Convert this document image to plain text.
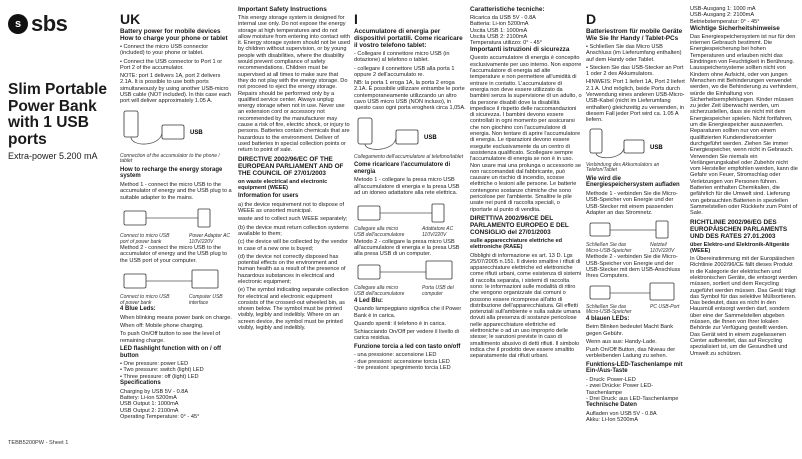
s sbs
Slim Portable
Power Bank
with 1 USB ports
Extra-power 5.200 mA
TEBB5200PW - Sheet 1
UK

Battery power for mobile devices How to charge your phone or tablet

• Connect the micro USB connector (included) to your phone or tablet.

• Connect the USB connector to Port 1 or Port 2 of the accumulator.

NOTE: port 1 delivers 1A, port 2 delivers 2.1A. It is possible to use both ports simultaneously by using another USB-micro USB cable (NOT included). In this case each port will deliver approximately 1.05 A.

USB

Connection of the accumulator to the phone / tablet

How to recharge the energy storage system

Method 1 - connect the micro USB to the accumulator of energy and the USB plug to a suitable adapter to the mains.

Connect to micro USB port of power bank
Power Adapter AC 110V/220V

Method 2 - connect the micro USB to the accumulator of energy and the USB plug to the USB port of your computer.

Connect to micro USB of power bank
Computer USB interface

4 Blue Leds:

When blinking means power bank on charge.

When off: Mobile phone charging.

To push On/Off button to see the level of remaining charge.

LED flashlight function with on / off button

• One pressure: power LED
• Two pressure: switch (light) LED
• Three pressure: off (light) LED

Specifications

Charging by USB 5V - 0.8A
Battery: Li-ion 5200mA
USB Output 1: 1000mA
USB Output 2: 2100mA
Operating Temperature: 0° - 45°

Important Safety Instructions

This energy storage system is designed for internal use only. Do not expose the energy storage at high temperatures and do not allow moisture from entering into contact with it. Energy storage system should not be used by children without supervision, or by young people with disabilities, where the disability would prevent compliance of safety recommendations. Children must be supervised at all times to make sure that they do not play with the energy storage. Do not proceed to eject the energy storage. Repairs should be performed only by a qualified service center. Always unplug energy storage when not in use. Never use an extension cord or accessory not recommended by the manufacturer may cause a risk of fire, electric shock, or injury to persons. Batteries contain chemicals that are hazardous to the environment. Deliver of used batteries in special collection points or return to point of sale.

DIRECTIVE 2002/96/EC OF THE EUROPEAN PARLIAMENT AND OF THE COUNCIL OF 27/01/2003

on waste electrical and electronic equipment (WEEE)

Information for users

a) the device requirement not to dispose of WEEE as unsorted municipal.

waste and to collect such WEEE separately;

(b) the device must return collection systems available to them;

(c) the device will be collected by the vendor in case of a new one is buyed;

(d) the device not correctly disposed has potential effects on the environment and human health as a result of the presence of hazardous substances in electrical and electronic equipment;

(e) The symbol indicating separate collection for electrical and electronic equipment consists of the crossed-out wheeled bin, as shown below. The symbol must be printed visibly, legibly and indelibly. Where on an screen device, the symbol must be printed visibly, legibly and indelibly.

I

Accumulatore di energia per dispositivi portatili. Come ricaricare il vostro telefono tablet:

- Collegare il connettore micro USB (in dotazione) al telefono o tablet.

- collegare il connettore USB alla porta 1 oppure 2 dell'accumulato re.

NB: la porta 1 eroga 1A, la porta 2 eroga 2.1A. È possibile utilizzare entrambe le porte contemporaneamente utilizzando un altro cavo USB micro USB (NON incluso), in questo caso ogni porta erogherà circa 1,05A.

USB

Collegamento dell'accumulatore al telefono/tablet

Come ricaricare l'accumulatore di energia

Metodo 1 - collegare la presa micro USB all'accumulatore di energia e la presa USB ad un idoneo adattatore alla rete elettrica.

Collegare alla micro USB dell'accumulatore
Adattatore AC 110V/220V

Metodo 2 - collegare la presa micro USB all'accumulatore di energia e la presa USB alla presa USB di un computer.

Collegare alla micro USB dell'accumulatore
Porta USB del computer

4 Led Blu:

Quando lampeggiano significa che il Power Bank è in carica.

Quando spenti: il telefono è in carica.

Schiacciando On/Off per vedere il livello di carica residua.

Funzione torcia a led con tasto on/off

- una pressione: accensione LED
- due pressioni: accensione torcia LED
- tre pressioni: spegnimento torcia LED

Caratteristiche tecniche:

Ricarica da USB 5V - 0.8A
Batteria: Li-ion 5200mA
Uscita USB 1: 1000mA
Uscita USB 2: 2100mA
Temperatura utilizzo: 0° - 45°

Importanti istruzioni di sicurezza

Questo accumulatore di energia è concepito esclusivamente per uso interno. Non esporre l'accumulatore di energia ad alte temperature e non permettere all'umidità di entrare in contatto. L'accumulatore di energia non deve essere utilizzato da bambini senza la supervisione di un adulto, o da persone disabili dove la disabilità impedisce il rispetto delle raccomandazioni di sicurezza. I bambini devono essere controllati in ogni momento per assicurarsi che non giochino con l'accumulatore di energia. Non tentare di aprire l'accumulatore di energia. Le riparazioni devono essere eseguite esclusivamente da un centro di assistenza qualificato. Scollegare sempre l'accumulatore di energia se non è in uso. Non usare mai una prolunga o accessorio se non raccomandati dal fabbricante, può causare un rischio di incendio, scosse elettriche o lesioni alle persone. Le batterie contengono sostanze chimiche che sono pericolose per l'ambiente. Smaltire le pile usate nei punti di raccolta speciali, o riportarle al punto di vendita.

DIRETTIVA 2002/96/CE DEL PARLAMENTO EUROPEO E DEL CONSIGLIO del 27/01/2003

sulle apparecchiature elettriche ed elettroniche (RAEE)

Obblighi di informazione ex art. 13 D. Lgs 25/07/2005 n.151. Il divieto smaltire i rifiuti di apparecchiature elettriche ed elettroniche come rifiuti urbani, come esistenza di sistemi di raccolta separata, i sistemi di raccolta sono: le informazioni sulle modalità di ritiro che vengono organizzate dai comuni o possono essere ricomprese all'atto di distribuzione dell'apparecchiatura. Gli effetti potenziali sull'ambiente e sulla salute umana dovuti alla presenza di sostanze pericolose nelle apparecchiature elettriche ed elettroniche o ad un uso improprio delle stesse; le sanzioni previste in caso di smaltimento abusivo di detti rifiuti. Il simbolo indica che il prodotto deve essere smaltito separatamente dai rifiuti urbani.

D

Batteriestrom für mobile Geräte Wie Sie Ihr Handy / Tablet-PCs

• Schließen Sie das Micro USB Anschluss (im Lieferumfang enthalten) auf dem Handy oder Tablet.

• Stecken Sie das USB-Stecker an Port 1 oder 2 des Akkumulators.

HINWEIS: Port 1 liefert 1A, Port 2 liefert 2.1 A. Und möglich, beide Ports durch Verwendung eines anderen USB-Micro-USB-Kabel (nicht im Lieferumfang enthalten) gleichzeitig zu verwenden, in diesem Fall jeder Port wird ca. 1.05 A liefern.

USB

Verbindung des Akkumulators an Telefon/Tablet

Wie wird die Energiespeichersystem aufladen

Methode 1 - verbinden Sie die Micro-USB-Speicher von Energie und der USB-Stecker mit einem passenden Adapter an das Stromnetz.

Schließen Sie das Micro-USB-Speicher
Netzteil 110V/220V

Methode 2 - verbinden Sie die Micro-USB-Speicher von Energie und der USB-Stecker mit dem USB-Anschluss Ihres Computers.

Schließen Sie das Micro-USB-Speicher
PC USB-Port

4 blauen LEDs:

Beim Blinken bedeutet Macht Bank gegen Gebühr.

Wenn aus aus: Handy-Lade.

Push On/Off Button, das Niveau der verbleibenden Ladung zu sehen.

Funktions-LED-Taschenlampe mit Ein-/Aus-Taste

- Druck: Power-LED
- zwei Drücke: Power LED-Taschenlampe
- Drei Druck: aus LED-Taschenlampe

Technische Daten

Aufladen von USB 5V - 0.8A
Akku: Li-Ion 5200mA
USB-Ausgang 1: 1000 mA
USB-Ausgang 2: 2100mA
Betriebstemperatur: 0° - 45°

Wichtige Sicherheitshinweise

Das Energiespeichersystem ist nur für den internen Gebrauch bestimmt. Die Energiespeicherung bei hohen Temperaturen und erlauben nicht das Eindringen von Feuchtigkeit in Berührung. Lausspeichersysteme sollten nicht von Kindern ohne Aufsicht, oder von jungen Menschen mit Behinderungen verwendet werden, wo die Behinderung zu verhindern, würde die Einhaltung von Sicherheitsempfehlungen. Kinder müssen zu jeder Zeit überwacht werden, um sicherzustellen, dass sie nicht mit dem Energiespeicher spielen. Nicht fortfahren, um die Energiespeicher auszuwerfen. Reparaturen sollten nur von einem qualifizierten Kundendienstcenter durchgeführt werden. Ziehen Sie immer Energiespeicher, wenn nicht in Gebrauch. Verwenden Sie niemals ein Verlängerungskabel oder Zubehör nicht vom Hersteller empfohlen werden, kann die Gefahr von Feuer, Stromschlag oder Verletzungen von Personen führen. Batterien enthalten Chemikalien, die gefährlich für die Umwelt sind. Lieferung von gebrauchten Batterien in speziellen Sammelstellen oder Rückkehr zum Point of Sale.

RICHTLINIE 2002/96/EG DES EUROPÄISCHEN PARLAMENTS UND DES RATES 27.01.2003

über Elektro-und Elektronik-Altgeräte (WEEE)

In Übereinstimmung mit der Europäischen Richtlinie 2002/96/CE fällt dieses Produkt in die Kategorie der elektrischen und elektronischen Geräte, die entsorgt werden müssen, sortiert und dem Recycling zugeführt werden müssen. Das Gerät trägt das Symbol für das selektive Müllsortieren. Das bedeutet, dass es nicht in den Hausmüll entsorgt werden darf, sondern über eine der Sammelstellen abgeben müssen, die Ihnen von Ihrer lokalen Behörde zur Verfügung gestellt werden. Das Gerät wird in einem zugelassenen Center aufbereitet, das auf Recycling spezialisiert ist, um die Gesundheit und Umwelt zu schützen.
